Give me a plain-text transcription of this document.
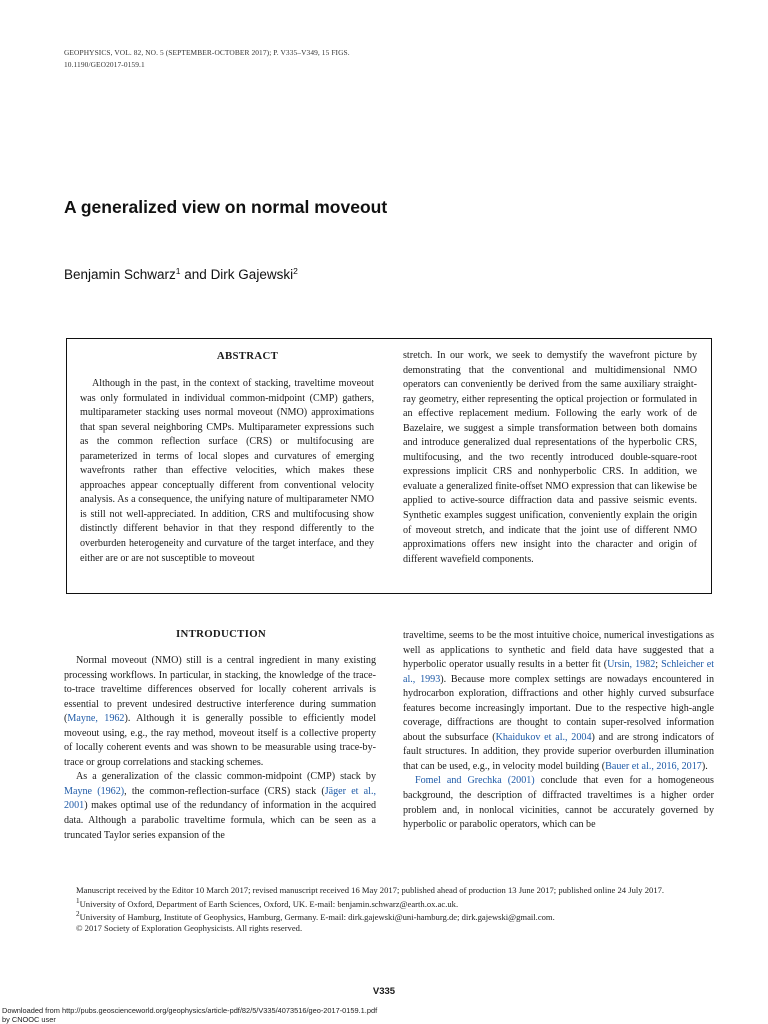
GEOPHYSICS, VOL. 82, NO. 5 (SEPTEMBER-OCTOBER 2017); P. V335–V349, 15 FIGS.
10.1190/GEO2017-0159.1
A generalized view on normal moveout
Benjamin Schwarz$^1$ and Dirk Gajewski$^2$
ABSTRACT

Although in the past, in the context of stacking, traveltime moveout was only formulated in individual common-midpoint (CMP) gathers, multiparameter stacking uses normal moveout (NMO) approximations that span several neighboring CMPs. Multiparameter expressions such as the common reflection surface (CRS) or multifocusing are parameterized in terms of local slopes and curvatures of emerging wavefronts rather than effective velocities, which makes these approaches appear conceptually different from conventional velocity analysis. As a consequence, the unifying nature of multiparameter NMO is still not well-appreciated. In addition, CRS and multifocusing show distinctly different behavior in that they respond differently to the overburden heterogeneity and curvature of the target interface, and they either are or are not susceptible to moveout

stretch. In our work, we seek to demystify the wavefront picture by demonstrating that the conventional and multidimensional NMO operators can conveniently be derived from the same auxiliary straight-ray geometry, either representing the optical projection or formulated in an effective replacement medium. Following the early work of de Bazelaire, we suggest a simple transformation between both domains and introduce generalized dual representations of the hyperbolic CRS, multifocusing, and the two recently introduced double-square-root expressions implicit CRS and nonhyperbolic CRS. In addition, we evaluate a generalized finite-offset NMO expression that can likewise be applied to active-source diffraction data and passive seismic events. Synthetic examples suggest unification, conveniently explain the origin of moveout stretch, and indicate that the joint use of different NMO approximations offers new insight into the character and origin of different wavefield components.

INTRODUCTION

Normal moveout (NMO) still is a central ingredient in many existing processing workflows. In particular, in stacking, the knowledge of the trace-to-trace traveltime differences observed for locally coherent arrivals is essential to prevent undesired destructive interference during summation (Mayne, 1962). Although it is generally possible to efficiently model moveout using, e.g., the ray method, moveout itself is a collective property of locally coherent events and was shown to be measurable using trace-by-trace or group correlations and stacking schemes.

As a generalization of the classic common-midpoint (CMP) stack by Mayne (1962), the common-reflection-surface (CRS) stack (Jäger et al., 2001) makes optimal use of the redundancy of information in the acquired data. Although a parabolic traveltime formula, which can be seen as a truncated Taylor series expansion of the

traveltime, seems to be the most intuitive choice, numerical investigations as well as applications to synthetic and field data have suggested that a hyperbolic operator usually results in a better fit (Ursin, 1982; Schleicher et al., 1993). Because more complex settings are nowadays encountered in hydrocarbon exploration, diffractions and other highly curved subsurface features become increasingly important. Due to the respective high-angle coverage, diffractions are thought to contain super-resolved information about the subsurface (Khaidukov et al., 2004) and are strong indicators of fault structures. In addition, they provide superior overburden illumination that can be used, e.g., in velocity model building (Bauer et al., 2016, 2017).

Fomel and Grechka (2001) conclude that even for a homogeneous background, the description of diffracted traveltimes is a higher order problem and, in nonlocal vicinities, cannot be accurately governed by hyperbolic or parabolic operators, which can be

Manuscript received by the Editor 10 March 2017; revised manuscript received 16 May 2017; published ahead of production 13 June 2017; published online 24 July 2017.

$^1$University of Oxford, Department of Earth Sciences, Oxford, UK. E-mail: benjamin.schwarz@earth.ox.ac.uk.

$^2$University of Hamburg, Institute of Geophysics, Hamburg, Germany. E-mail: dirk.gajewski@uni-hamburg.de; dirk.gajewski@gmail.com.

© 2017 Society of Exploration Geophysicists. All rights reserved.

V335
Downloaded from http://pubs.geoscienceworld.org/geophysics/article-pdf/82/5/V335/4073516/geo-2017-0159.1.pdf
by CNOOC user
